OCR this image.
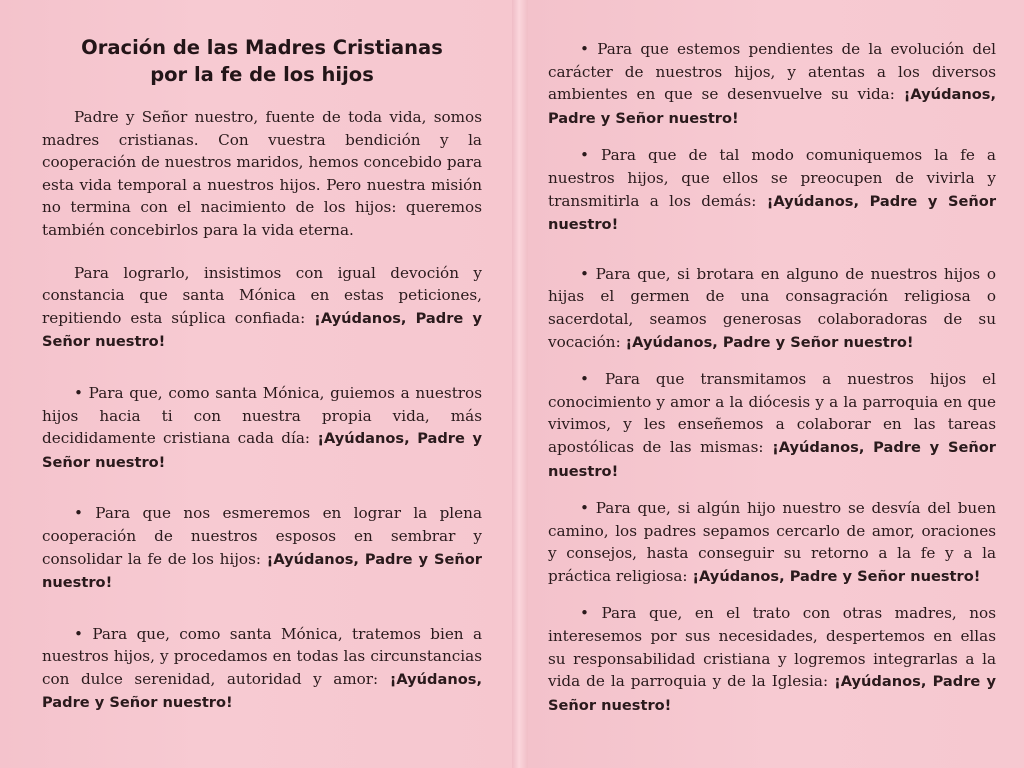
Oración de las Madres Cristianas
por la fe de los hijos

Padre y Señor nuestro, fuente de toda vida, somos madres cristianas. Con vuestra bendición y la cooperación de nuestros maridos, hemos concebido para esta vida temporal a nuestros hijos. Pero nuestra misión no termina con el nacimiento de los hijos: queremos también concebirlos para la vida eterna.

Para lograrlo, insistimos con igual devoción y constancia que santa Mónica en estas peticiones, repitiendo esta súplica confiada: ¡Ayúdanos, Padre y Señor nuestro!

• Para que, como santa Mónica, guiemos a nuestros hijos hacia ti con nuestra propia vida, más decididamente cristiana cada día: ¡Ayúdanos, Padre y Señor nuestro!

• Para que nos esmeremos en lograr la plena cooperación de nuestros esposos en sembrar y consolidar la fe de los hijos: ¡Ayúdanos, Padre y Señor nuestro!

• Para que, como santa Mónica, tratemos bien a nuestros hijos, y procedamos en todas las circunstancias con dulce serenidad, autoridad y amor: ¡Ayúdanos, Padre y Señor nuestro!

• Para que estemos pendientes de la evolución del carácter de nuestros hijos, y atentas a los diversos ambientes en que se desenvuelve su vida: ¡Ayúdanos, Padre y Señor nuestro!

• Para que de tal modo comuniquemos la fe a nuestros hijos, que ellos se preocupen de vivirla y transmitirla a los demás: ¡Ayúdanos, Padre y Señor nuestro!

• Para que, si brotara en alguno de nuestros hijos o hijas el germen de una consagración religiosa o sacerdotal, seamos generosas colaboradoras de su vocación: ¡Ayúdanos, Padre y Señor nuestro!

• Para que transmitamos a nuestros hijos el conocimiento y amor a la diócesis y a la parroquia en que vivimos, y les enseñemos a colaborar en las tareas apostólicas de las mismas: ¡Ayúdanos, Padre y Señor nuestro!

• Para que, si algún hijo nuestro se desvía del buen camino, los padres sepamos cercarlo de amor, oraciones y consejos, hasta conseguir su retorno a la fe y a la práctica religiosa: ¡Ayúdanos, Padre y Señor nuestro!

• Para que, en el trato con otras madres, nos interesemos por sus necesidades, despertemos en ellas su responsabilidad cristiana y logremos integrarlas a la vida de la parroquia y de la Iglesia: ¡Ayúdanos, Padre y Señor nuestro!
